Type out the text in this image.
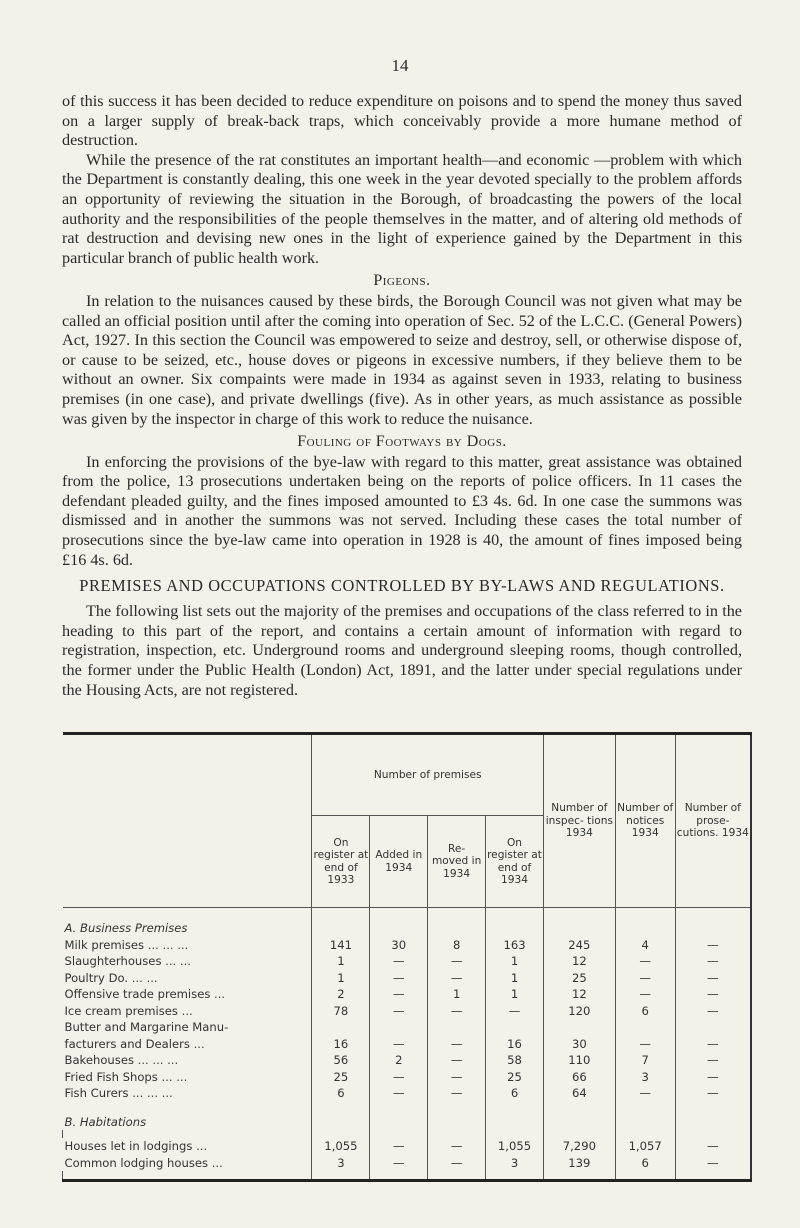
14

of this success it has been decided to reduce expenditure on poisons and to spend the money thus saved on a larger supply of break-back traps, which conceivably provide a more humane method of destruction.

While the presence of the rat constitutes an important health—and economic —problem with which the Department is constantly dealing, this one week in the year devoted specially to the problem affords an opportunity of reviewing the situation in the Borough, of broadcasting the powers of the local authority and the responsibilities of the people themselves in the matter, and of altering old methods of rat destruction and devising new ones in the light of experience gained by the Department in this particular branch of public health work.

Pigeons.

In relation to the nuisances caused by these birds, the Borough Council was not given what may be called an official position until after the coming into operation of Sec. 52 of the L.C.C. (General Powers) Act, 1927. In this section the Council was empowered to seize and destroy, sell, or otherwise dispose of, or cause to be seized, etc., house doves or pigeons in excessive numbers, if they believe them to be without an owner. Six compaints were made in 1934 as against seven in 1933, relating to business premises (in one case), and private dwellings (five). As in other years, as much assistance as possible was given by the inspector in charge of this work to reduce the nuisance.

Fouling of Footways by Dogs.

In enforcing the provisions of the bye-law with regard to this matter, great assistance was obtained from the police, 13 prosecutions undertaken being on the reports of police officers. In 11 cases the defendant pleaded guilty, and the fines imposed amounted to £3 4s. 6d. In one case the summons was dismissed and in another the summons was not served. Including these cases the total number of prosecutions since the bye-law came into operation in 1928 is 40, the amount of fines imposed being £16 4s. 6d.

PREMISES AND OCCUPATIONS CONTROLLED BY BY-LAWS AND REGULATIONS.

The following list sets out the majority of the premises and occupations of the class referred to in the heading to this part of the report, and contains a certain amount of information with regard to registration, inspection, etc. Underground rooms and underground sleeping rooms, though controlled, the former under the Public Health (London) Act, 1891, and the latter under special regulations under the Housing Acts, are not registered.

	Number of premises				Number of inspec- tions 1934	Number of notices 1934	Number of prose- cutions. 1934
	On register at end of 1933	Added in 1934	Re- moved in 1934	On register at end of 1934			
A. Business Premises							
Milk premises ... ... ...	141	30	8	163	245	4	—
Slaughterhouses ... ...	1	—	—	1	12	—	—
Poultry Do. ... ...	1	—	—	1	25	—	—
Offensive trade premises ...	2	—	1	1	12	—	—
Ice cream premises ...	78	—	—	—	120	6	—
Butter and Margarine Manu-							
facturers and Dealers ...	16	—	—	16	30	—	—
Bakehouses ... ... ...	56	2	—	58	110	7	—
Fried Fish Shops ... ...	25	—	—	25	66	3	—
Fish Curers ... ... ...	6	—	—	6	64	—	—
B. Habitations							

Houses let in lodgings ...	1,055	—	—	1,055	7,290	1,057	—
Common lodging houses ...	3	—	—	3	139	6	—
